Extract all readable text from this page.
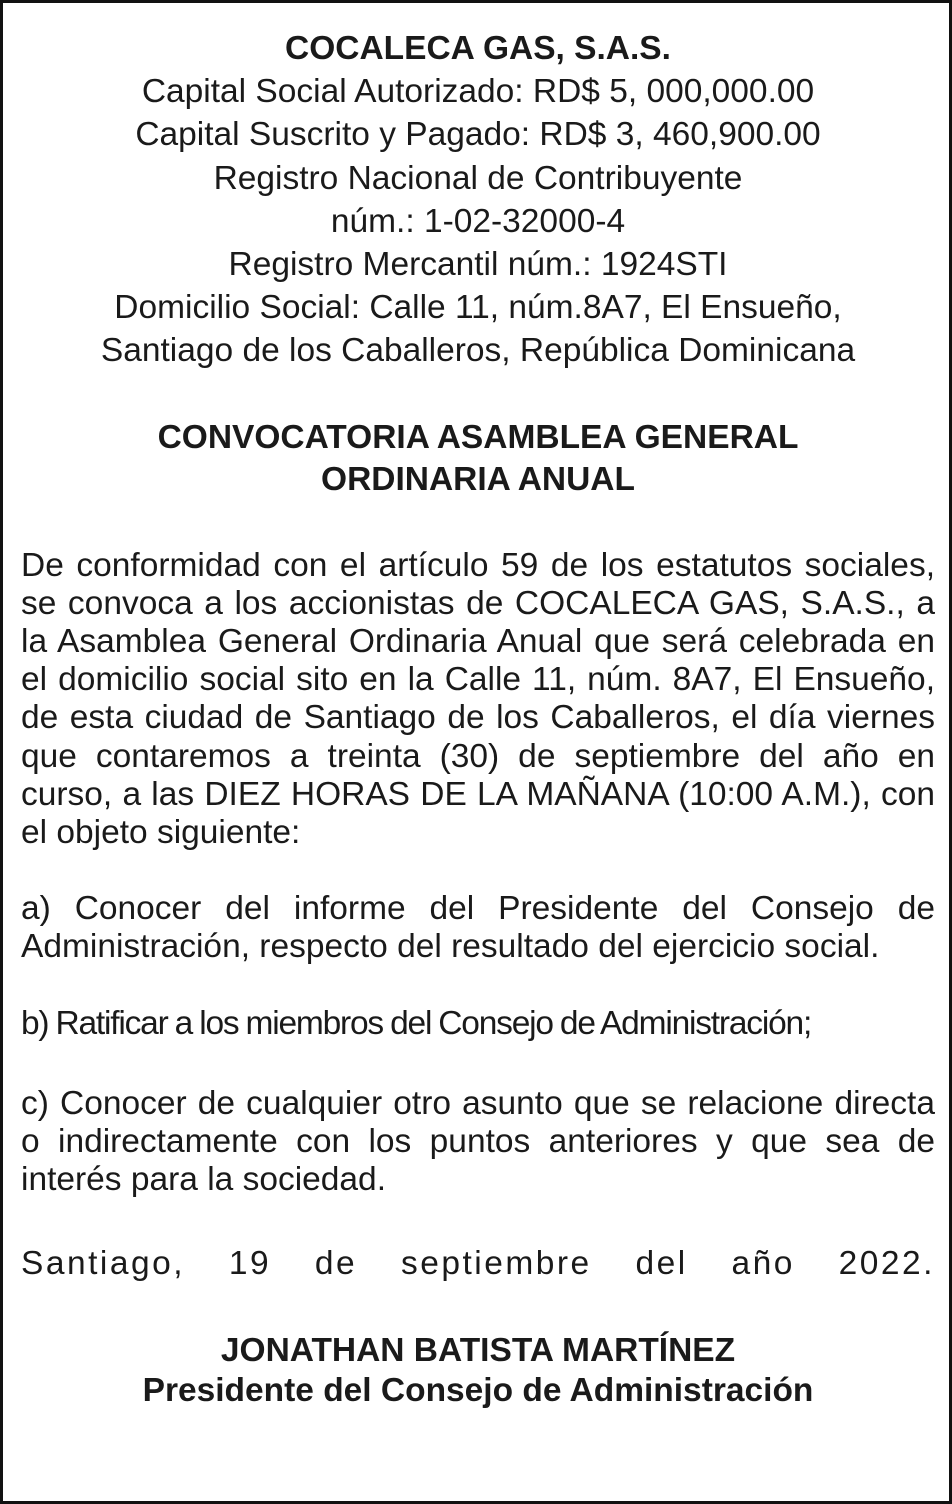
COCALECA GAS, S.A.S.
Capital Social Autorizado: RD$ 5, 000,000.00
Capital Suscrito y Pagado: RD$ 3, 460,900.00
Registro Nacional de Contribuyente
núm.: 1-02-32000-4
Registro Mercantil núm.: 1924STI
Domicilio Social: Calle 11, núm.8A7, El Ensueño,
Santiago de los Caballeros, República Dominicana
CONVOCATORIA ASAMBLEA GENERAL
ORDINARIA ANUAL

De conformidad con el artículo 59 de los estatutos sociales, se convoca a los accionistas de COCALECA GAS, S.A.S., a la Asamblea General Ordinaria Anual que será celebrada en el domicilio social sito en la Calle 11, núm. 8A7, El Ensueño, de esta ciudad de Santiago de los Caballeros, el día viernes que contaremos a treinta (30) de septiembre del año en curso, a las DIEZ HORAS DE LA MAÑANA (10:00 A.M.), con el objeto siguiente:

a) Conocer del informe del Presidente del Consejo de Administración, respecto del resultado del ejercicio social.

b) Ratificar a los miembros del Consejo de Administración;

c) Conocer de cualquier otro asunto que se relacione directa o indirectamente con los puntos anteriores y que sea de interés para la sociedad.

Santiago, 19 de septiembre del año 2022.
JONATHAN BATISTA MARTÍNEZ
Presidente del Consejo de Administración
